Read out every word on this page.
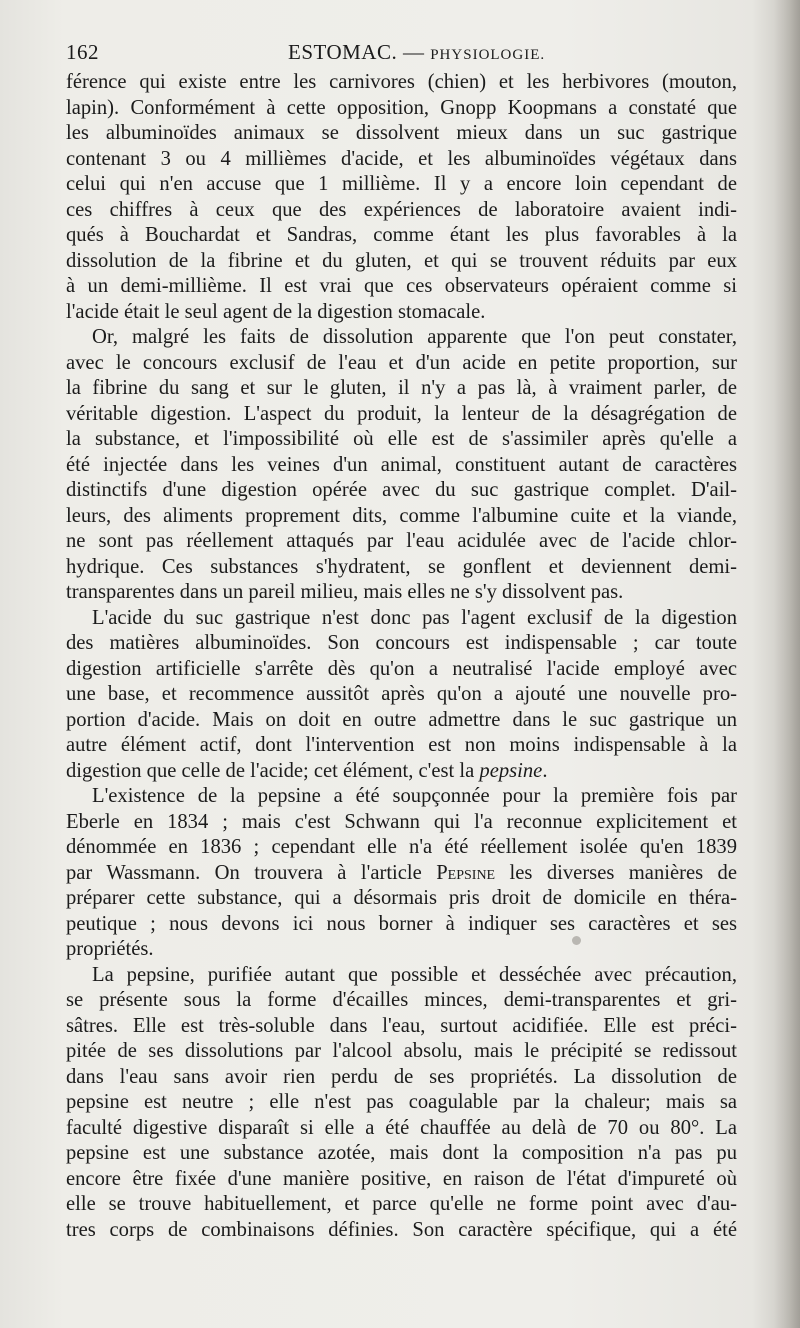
162	ESTOMAC. — PHYSIOLOGIE.
férence qui existe entre les carnivores (chien) et les herbivores (mouton,
lapin). Conformément à cette opposition, Gnopp Koopmans a constaté que
les albuminoïdes animaux se dissolvent mieux dans un suc gastrique
contenant 3 ou 4 millièmes d'acide, et les albuminoïdes végétaux dans
celui qui n'en accuse que 1 millième. Il y a encore loin cependant de
ces chiffres à ceux que des expériences de laboratoire avaient indi-
qués à Bouchardat et Sandras, comme étant les plus favorables à la
dissolution de la fibrine et du gluten, et qui se trouvent réduits par eux
à un demi-millième. Il est vrai que ces observateurs opéraient comme si
l'acide était le seul agent de la digestion stomacale.
Or, malgré les faits de dissolution apparente que l'on peut constater,
avec le concours exclusif de l'eau et d'un acide en petite proportion, sur
la fibrine du sang et sur le gluten, il n'y a pas là, à vraiment parler, de
véritable digestion. L'aspect du produit, la lenteur de la désagrégation de
la substance, et l'impossibilité où elle est de s'assimiler après qu'elle a
été injectée dans les veines d'un animal, constituent autant de caractères
distinctifs d'une digestion opérée avec du suc gastrique complet. D'ail-
leurs, des aliments proprement dits, comme l'albumine cuite et la viande,
ne sont pas réellement attaqués par l'eau acidulée avec de l'acide chlor-
hydrique. Ces substances s'hydratent, se gonflent et deviennent demi-
transparentes dans un pareil milieu, mais elles ne s'y dissolvent pas.
L'acide du suc gastrique n'est donc pas l'agent exclusif de la digestion
des matières albuminoïdes. Son concours est indispensable ; car toute
digestion artificielle s'arrête dès qu'on a neutralisé l'acide employé avec
une base, et recommence aussitôt après qu'on a ajouté une nouvelle pro-
portion d'acide. Mais on doit en outre admettre dans le suc gastrique un
autre élément actif, dont l'intervention est non moins indispensable à la
digestion que celle de l'acide; cet élément, c'est la pepsine.
L'existence de la pepsine a été soupçonnée pour la première fois par
Eberle en 1834 ; mais c'est Schwann qui l'a reconnue explicitement et
dénommée en 1836 ; cependant elle n'a été réellement isolée qu'en 1839
par Wassmann. On trouvera à l'article Pepsine les diverses manières de
préparer cette substance, qui a désormais pris droit de domicile en théra-
peutique ; nous devons ici nous borner à indiquer ses caractères et ses
propriétés.
La pepsine, purifiée autant que possible et desséchée avec précaution,
se présente sous la forme d'écailles minces, demi-transparentes et gri-
sâtres. Elle est très-soluble dans l'eau, surtout acidifiée. Elle est préci-
pitée de ses dissolutions par l'alcool absolu, mais le précipité se redissout
dans l'eau sans avoir rien perdu de ses propriétés. La dissolution de
pepsine est neutre ; elle n'est pas coagulable par la chaleur; mais sa
faculté digestive disparaît si elle a été chauffée au delà de 70 ou 80°. La
pepsine est une substance azotée, mais dont la composition n'a pas pu
encore être fixée d'une manière positive, en raison de l'état d'impureté où
elle se trouve habituellement, et parce qu'elle ne forme point avec d'au-
tres corps de combinaisons définies. Son caractère spécifique, qui a été
